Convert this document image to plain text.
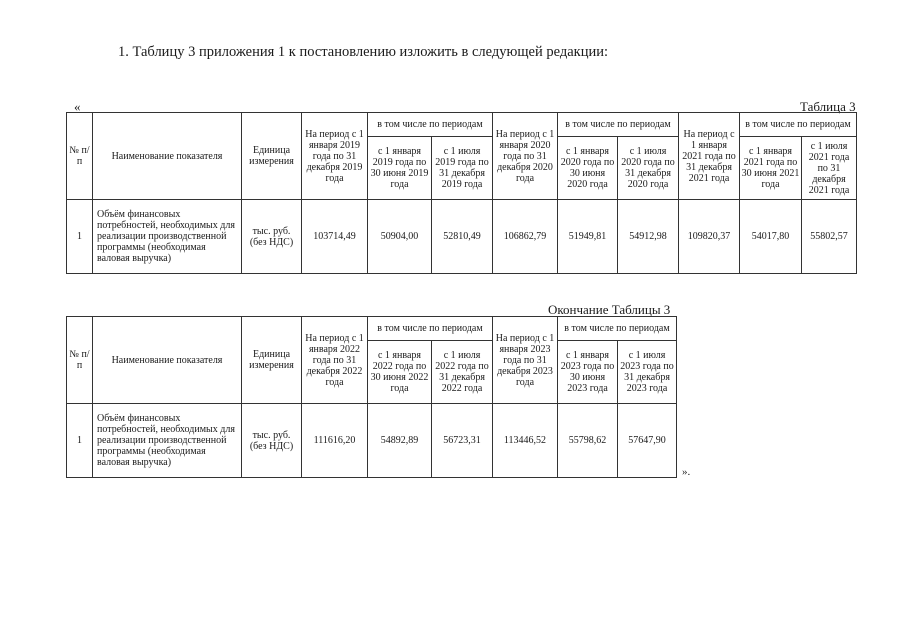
1. Таблицу 3 приложения 1 к постановлению изложить в следующей редакции:
«	Таблица 3
№ п/п	Наименование показателя	Единица измерения	На период с 1 января 2019 года по 31 декабря 2019 года	в том числе по периодам		На период с 1 января 2020 года по 31 декабря 2020 года	в том числе по периодам		На период с 1 января 2021 года по 31 декабря 2021 года	в том числе по периодам	
				с 1 января 2019 года по 30 июня 2019 года	с 1 июля 2019 года по 31 декабря 2019 года		с 1 января 2020 года по 30 июня 2020 года	с 1 июля 2020 года по 31 декабря 2020 года		с 1 января 2021 года по 30 июня 2021 года	с 1 июля 2021 года по 31 декабря 2021 года
1	Объём финансовых потребностей, необходимых для реализации производственной программы (необходимая валовая выручка)	тыс. руб. (без НДС)	103714,49	50904,00	52810,49	106862,79	51949,81	54912,98	109820,37	54017,80	55802,57
Окончание Таблицы 3
№ п/п	Наименование показателя	Единица измерения	На период с 1 января 2022 года по 31 декабря 2022 года	в том числе по периодам		На период с 1 января 2023 года по 31 декабря 2023 года	в том числе по периодам	
				с 1 января 2022 года по 30 июня 2022 года	с 1 июля 2022 года по 31 декабря 2022 года		с 1 января 2023 года по 30 июня 2023 года	с 1 июля 2023 года по 31 декабря 2023 года
1	Объём финансовых потребностей, необходимых для реализации производственной программы (необходимая валовая выручка)	тыс. руб. (без НДС)	111616,20	54892,89	56723,31	113446,52	55798,62	57647,90
».
